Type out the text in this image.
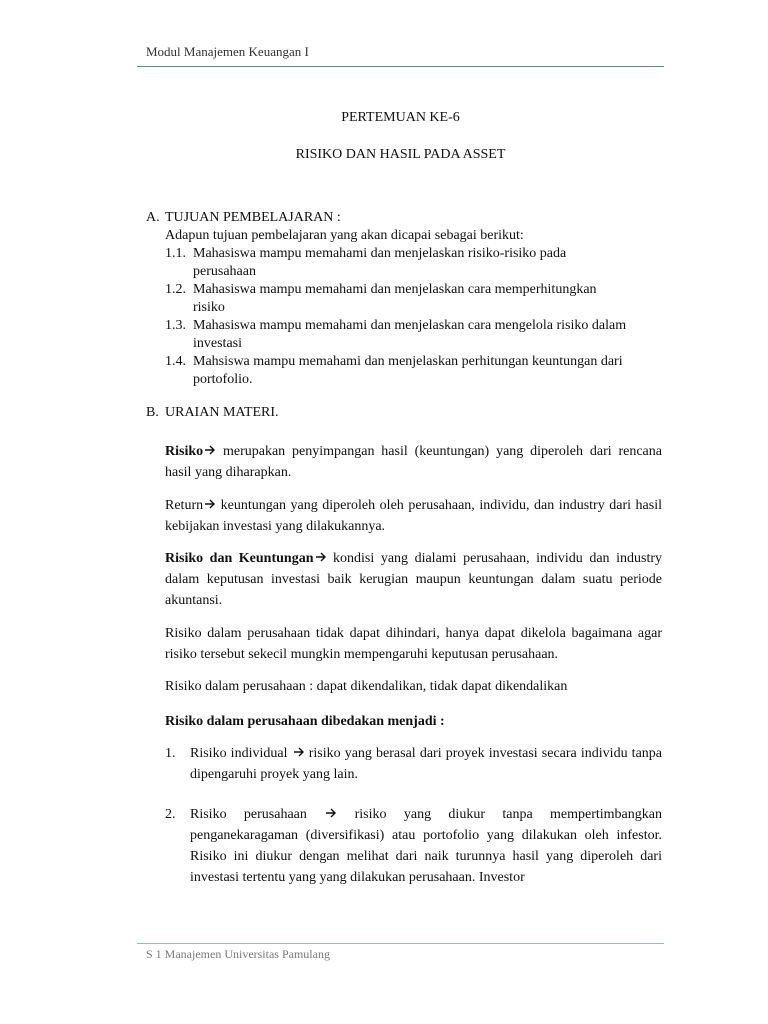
Modul Manajemen Keuangan I
PERTEMUAN KE-6
RISIKO DAN HASIL PADA ASSET
A. TUJUAN PEMBELAJARAN :
Adapun tujuan pembelajaran yang akan dicapai sebagai berikut:
1.1. Mahasiswa mampu memahami dan menjelaskan risiko-risiko pada
perusahaan
1.2. Mahasiswa mampu memahami dan menjelaskan cara memperhitungkan
risiko
1.3. Mahasiswa mampu memahami dan menjelaskan cara mengelola risiko dalam
investasi
1.4. Mahsiswa mampu memahami dan menjelaskan perhitungan keuntungan dari
portofolio.
B. URAIAN MATERI.
Risiko
merupakan penyimpangan hasil (keuntungan) yang diperoleh dari rencana hasil yang diharapkan.
Return
keuntungan yang diperoleh oleh perusahaan, individu, dan industry dari hasil kebijakan investasi yang dilakukannya.
Risiko dan Keuntungan
kondisi yang dialami perusahaan, individu dan industry dalam keputusan investasi baik kerugian maupun keuntungan dalam suatu periode akuntansi.
Risiko dalam perusahaan tidak dapat dihindari, hanya dapat dikelola bagaimana agar risiko tersebut sekecil mungkin mempengaruhi keputusan perusahaan.
Risiko dalam perusahaan : dapat dikendalikan, tidak dapat dikendalikan
Risiko dalam perusahaan dibedakan menjadi :
1. Risiko individual
risiko yang berasal dari proyek investasi secara individu tanpa dipengaruhi proyek yang lain.
2. Risiko perusahaan
risiko yang diukur tanpa mempertimbangkan penganekaragaman (diversifikasi) atau portofolio yang dilakukan oleh infestor. Risiko ini diukur dengan melihat dari naik turunnya hasil yang diperoleh dari investasi tertentu yang yang dilakukan perusahaan. Investor
S 1 Manajemen Universitas Pamulang
